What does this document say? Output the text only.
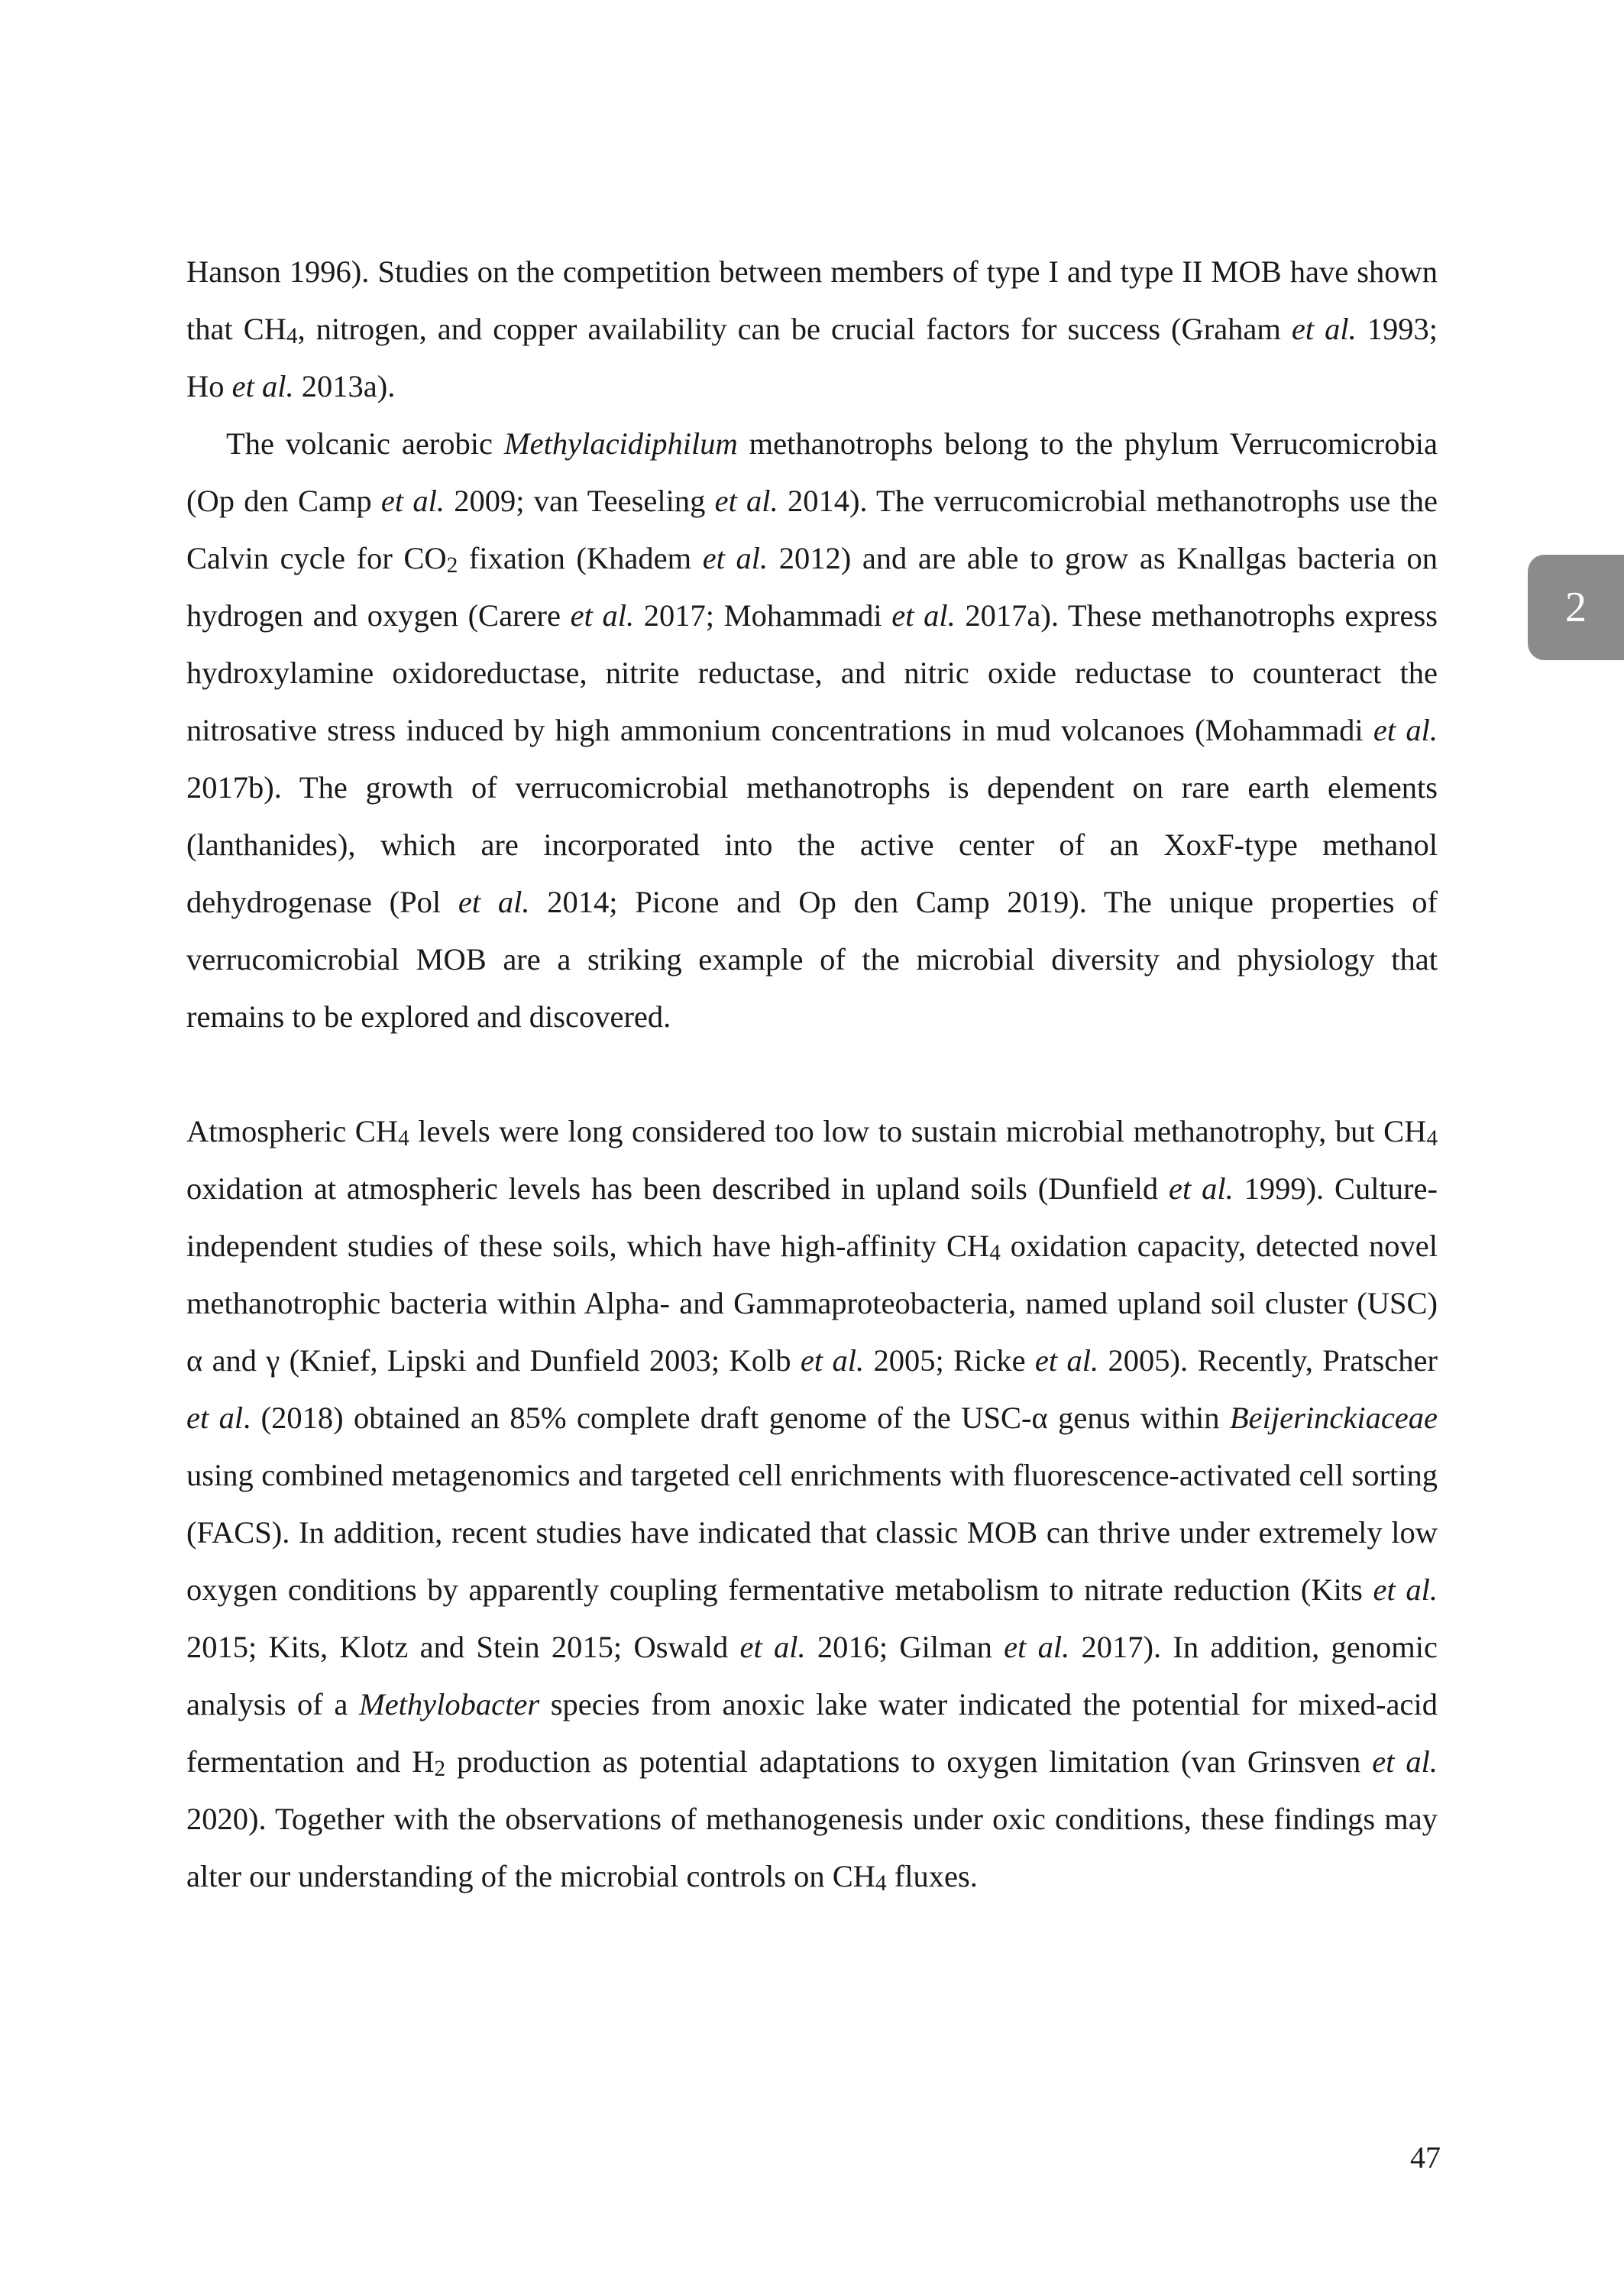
Hanson 1996). Studies on the competition between members of type I and type II MOB have shown that CH4, nitrogen, and copper availability can be crucial factors for success (Graham et al. 1993; Ho et al. 2013a).

The volcanic aerobic Methylacidiphilum methanotrophs belong to the phylum Verrucomicrobia (Op den Camp et al. 2009; van Teeseling et al. 2014). The verrucomicrobial methanotrophs use the Calvin cycle for CO2 fixation (Khadem et al. 2012) and are able to grow as Knallgas bacteria on hydrogen and oxygen (Carere et al. 2017; Mohammadi et al. 2017a). These methanotrophs express hydroxylamine oxidoreductase, nitrite reductase, and nitric oxide reductase to counteract the nitrosative stress induced by high ammonium concentrations in mud volcanoes (Mohammadi et al. 2017b). The growth of verrucomicrobial methanotrophs is dependent on rare earth elements (lanthanides), which are incorporated into the active center of an XoxF-type methanol dehydrogenase (Pol et al. 2014; Picone and Op den Camp 2019). The unique properties of verrucomicrobial MOB are a striking example of the microbial diversity and physiology that remains to be explored and discovered.

Atmospheric CH4 levels were long considered too low to sustain microbial methanotrophy, but CH4 oxidation at atmospheric levels has been described in upland soils (Dunfield et al. 1999). Culture-independent studies of these soils, which have high-affinity CH4 oxidation capacity, detected novel methanotrophic bacteria within Alpha- and Gammaproteobacteria, named upland soil cluster (USC) α and γ (Knief, Lipski and Dunfield 2003; Kolb et al. 2005; Ricke et al. 2005). Recently, Pratscher et al. (2018) obtained an 85% complete draft genome of the USC-α genus within Beijerinckiaceae using combined metagenomics and targeted cell enrichments with fluorescence-activated cell sorting (FACS). In addition, recent studies have indicated that classic MOB can thrive under extremely low oxygen conditions by apparently coupling fermentative metabolism to nitrate reduction (Kits et al. 2015; Kits, Klotz and Stein 2015; Oswald et al. 2016; Gilman et al. 2017). In addition, genomic analysis of a Methylobacter species from anoxic lake water indicated the potential for mixed-acid fermentation and H2 production as potential adaptations to oxygen limitation (van Grinsven et al. 2020). Together with the observations of methanogenesis under oxic conditions, these findings may alter our understanding of the microbial controls on CH4 fluxes.

2
47
